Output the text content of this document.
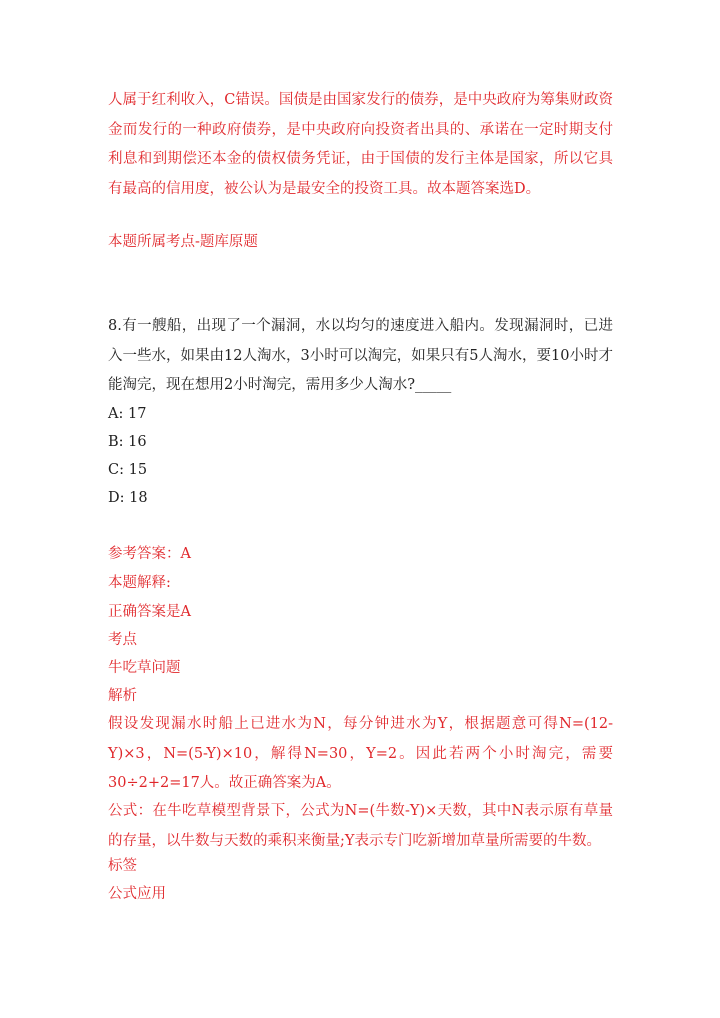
人属于红利收入，C错误。国债是由国家发行的债券，是中央政府为筹集财政资金而发行的一种政府债券，是中央政府向投资者出具的、承诺在一定时期支付利息和到期偿还本金的债权债务凭证，由于国债的发行主体是国家，所以它具有最高的信用度，被公认为是最安全的投资工具。故本题答案选D。

本题所属考点-题库原题

8.有一艘船，出现了一个漏洞，水以均匀的速度进入船内。发现漏洞时，已进入一些水，如果由12人淘水，3小时可以淘完，如果只有5人淘水，要10小时才能淘完，现在想用2小时淘完，需用多少人淘水?_____

A: 17

B: 16

C: 15

D: 18

参考答案：A

本题解释:

正确答案是A

考点

牛吃草问题

解析

假设发现漏水时船上已进水为N，每分钟进水为Y，根据题意可得N=(12-Y)×3，N=(5-Y)×10，解得N=30，Y=2。因此若两个小时淘完，需要30÷2+2=17人。故正确答案为A。

公式：在牛吃草模型背景下，公式为N=(牛数-Y)×天数，其中N表示原有草量的存量，以牛数与天数的乘积来衡量;Y表示专门吃新增加草量所需要的牛数。

标签

公式应用
